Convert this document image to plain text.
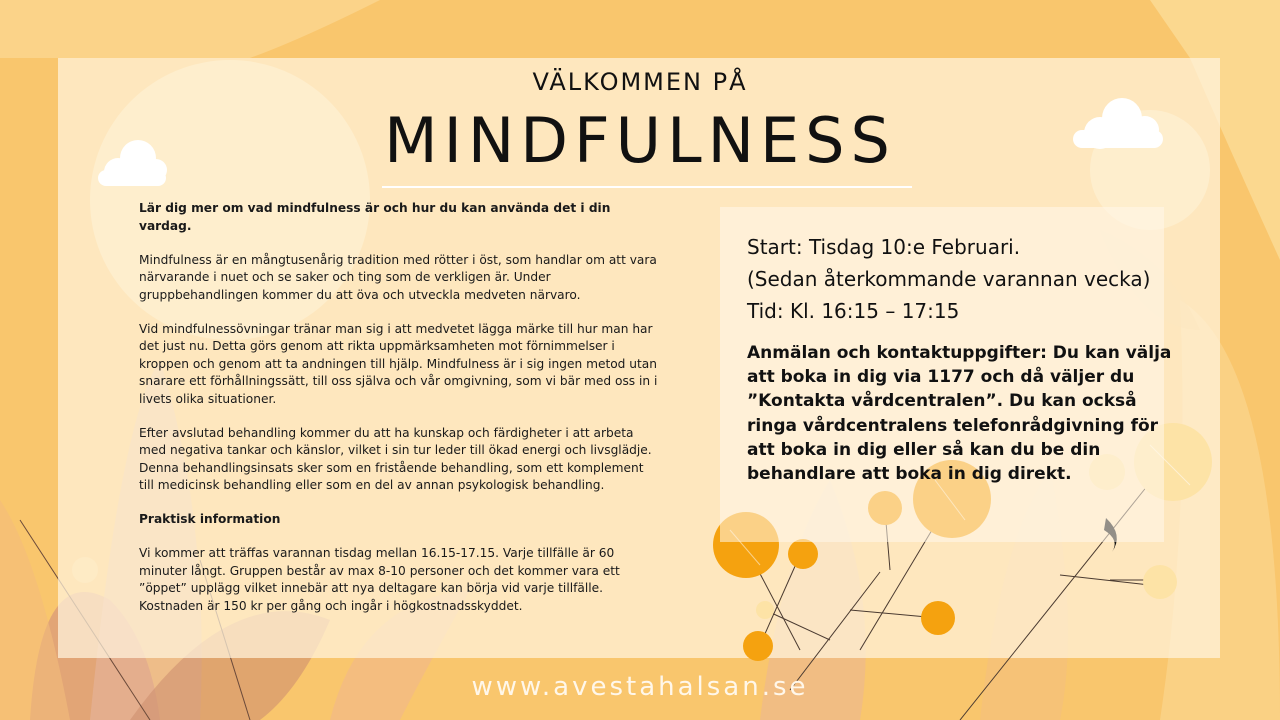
VÄLKOMMEN PÅ
MINDFULNESS

Lär dig mer om vad mindfulness är och hur du kan använda det i din vardag.

Mindfulness är en mångtusenårig tradition med rötter i öst, som handlar om att vara närvarande i nuet och se saker och ting som de verkligen är. Under gruppbehandlingen kommer du att öva och utveckla medveten närvaro.

Vid mindfulnessövningar tränar man sig i att medvetet lägga märke till hur man har det just nu. Detta görs genom att rikta uppmärksamheten mot förnimmelser i kroppen och genom att ta andningen till hjälp. Mindfulness är i sig ingen metod utan snarare ett förhållningssätt, till oss själva och vår omgivning, som vi bär med oss in i livets olika situationer.

Efter avslutad behandling kommer du att ha kunskap och färdigheter i att arbeta med negativa tankar och känslor, vilket i sin tur leder till ökad energi och livsglädje. Denna behandlingsinsats sker som en fristående behandling, som ett komplement till medicinsk behandling eller som en del av annan psykologisk behandling.

Praktisk information

Vi kommer att träffas varannan tisdag mellan 16.15-17.15. Varje tillfälle är 60 minuter långt. Gruppen består av max 8-10 personer och det kommer vara ett ”öppet” upplägg vilket innebär att nya deltagare kan börja vid varje tillfälle. Kostnaden är 150 kr per gång och ingår i högkostnadsskyddet.

Start: Tisdag 10:e Februari.
(Sedan återkommande varannan vecka)
Tid: Kl. 16:15 – 17:15
Anmälan och kontaktuppgifter: Du kan välja att boka in dig via 1177 och då väljer du ”Kontakta vårdcentralen”. Du kan också ringa vårdcentralens telefonrådgivning för att boka in dig eller så kan du be din behandlare att boka in dig direkt.
www.avestahalsan.se
